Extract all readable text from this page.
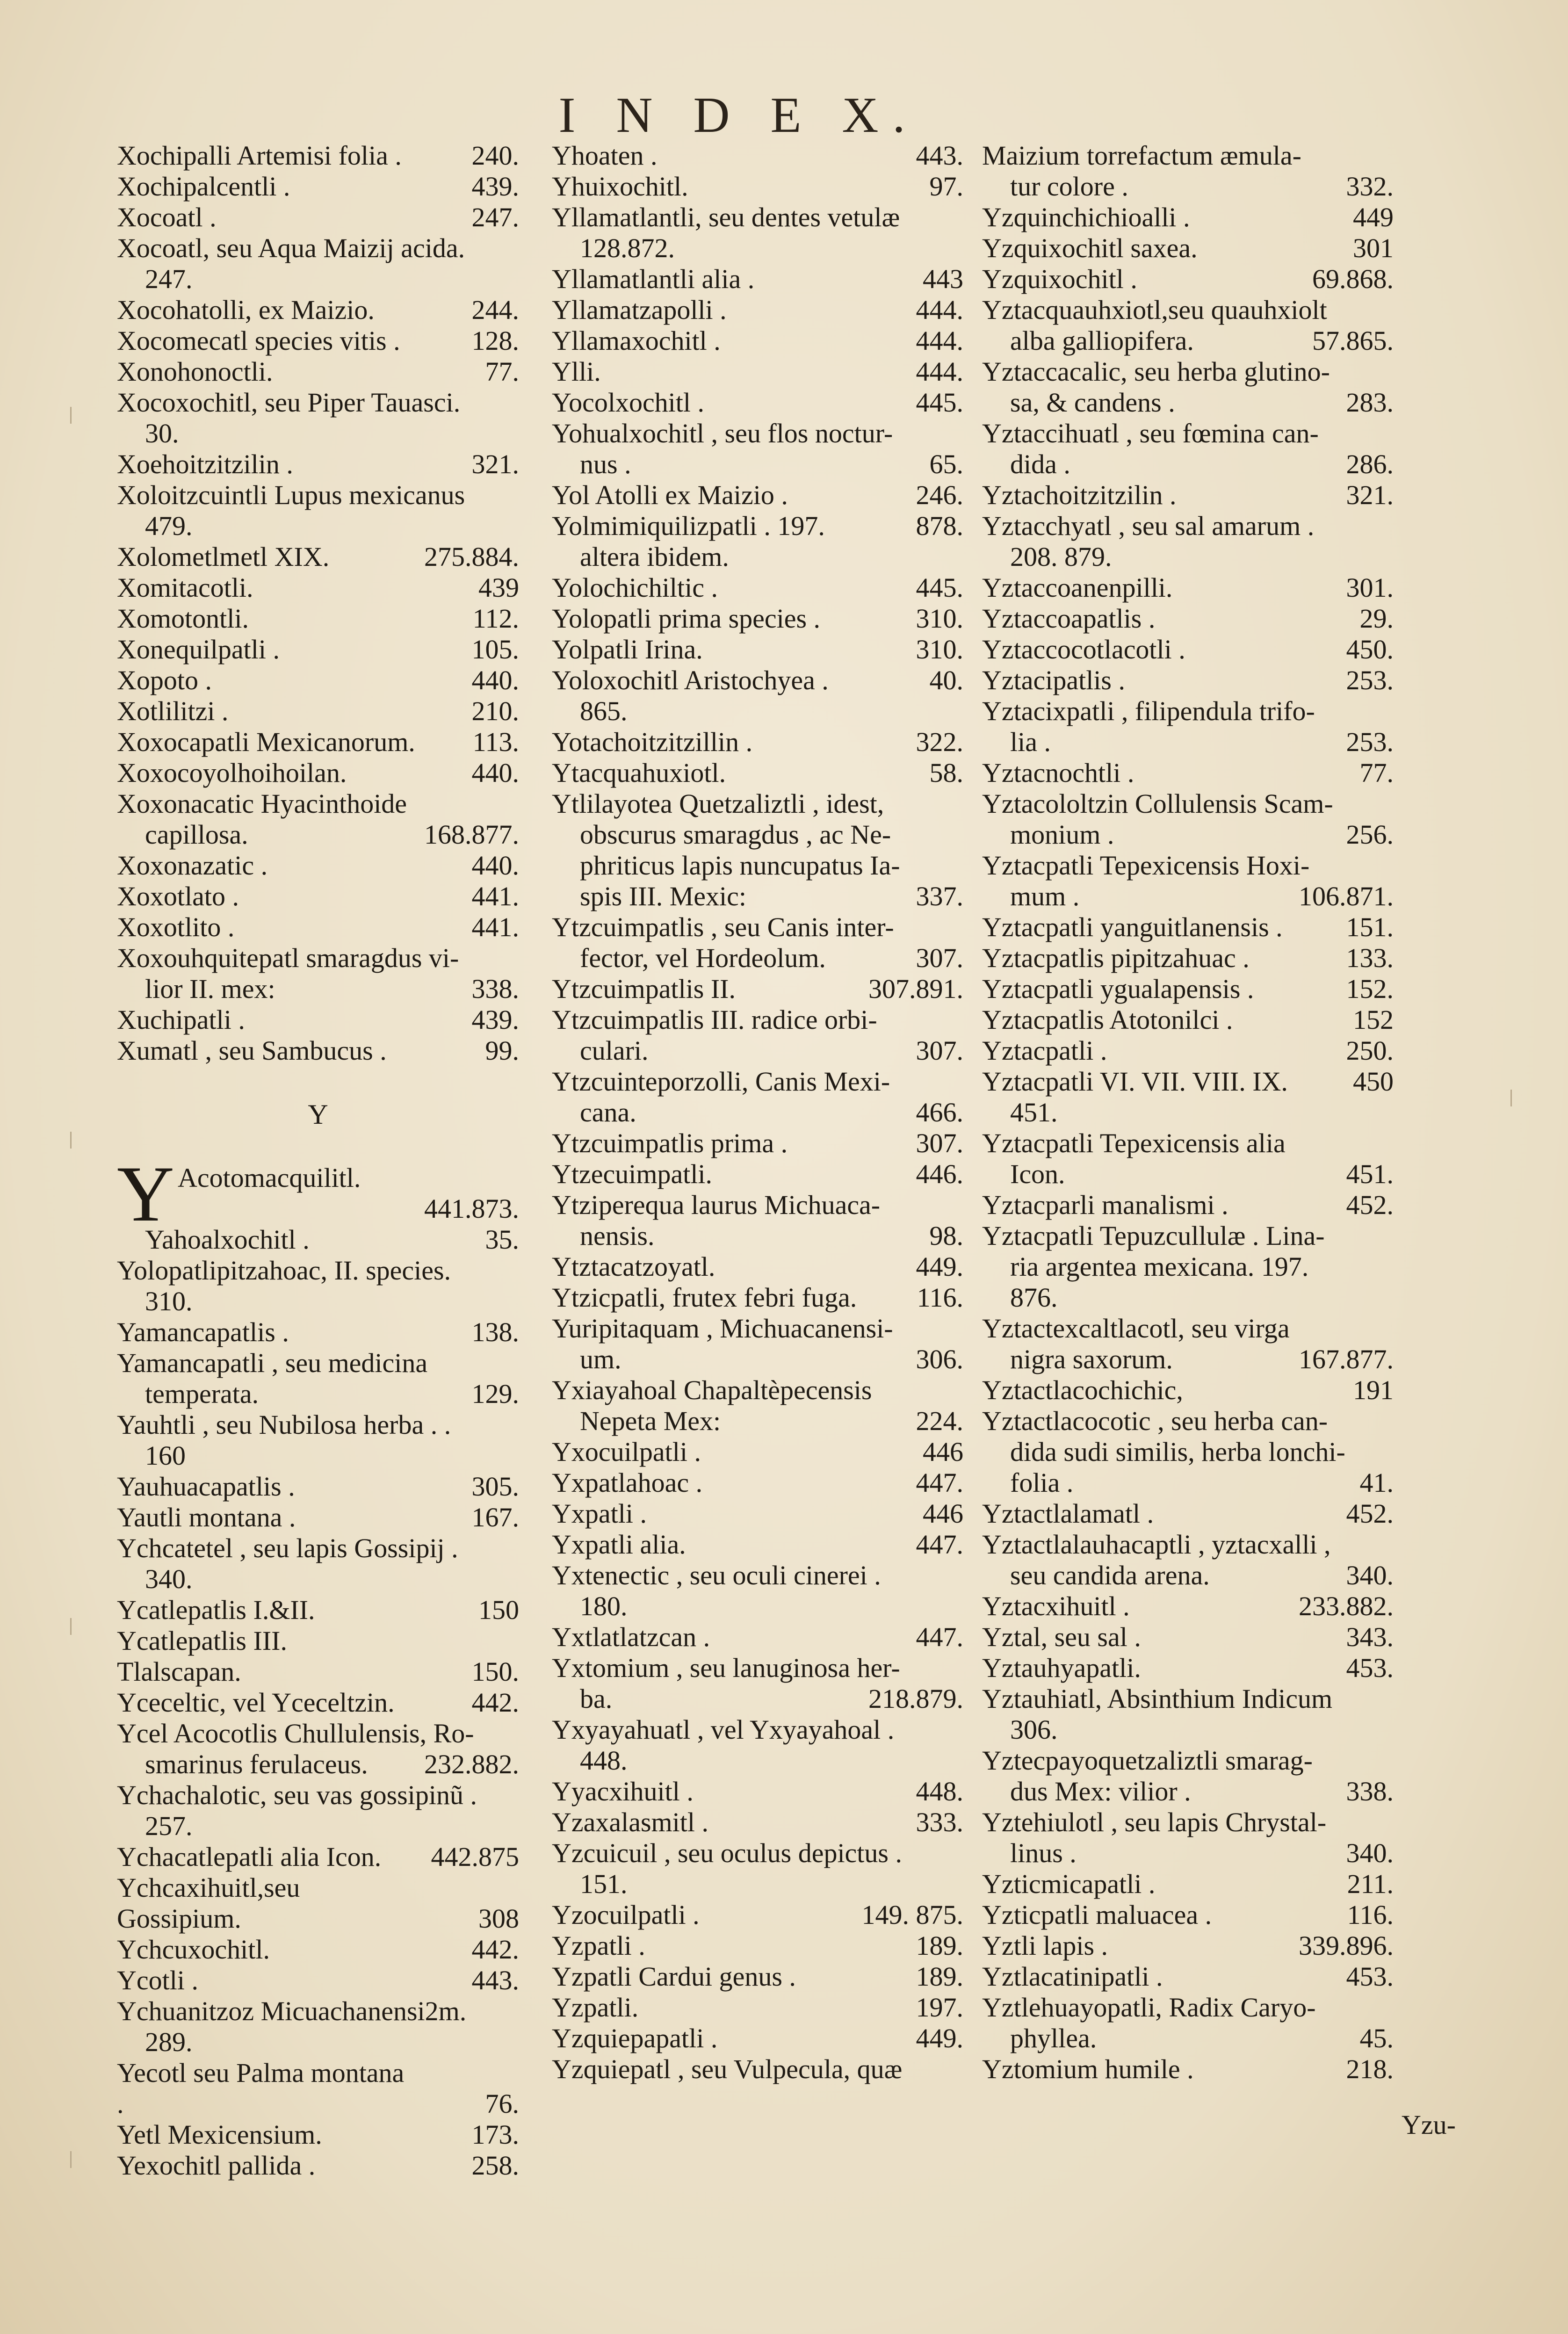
I N D E X.
Xochipalli Artemisi folia .	240.
Xochipalcentli .	439.
Xocoatl .	247.
Xocoatl, seu Aqua Maizij acida.
247.
Xocohatolli, ex Maizio.	244.
Xocomecatl species vitis .	128.
Xonohonoctli.	77.
Xocoxochitl, seu Piper Tauasci.
30.
Xoehoitzitzilin .	321.
Xoloitzcuintli Lupus mexicanus
479.
Xolometlmetl XIX.	275.884.
Xomitacotli.	439
Xomotontli.	112.
Xonequilpatli .	105.
Xopoto .	440.
Xotlilitzi .	210.
Xoxocapatli Mexicanorum.	113.
Xoxocoyolhoihoilan.	440.
Xoxonacatic Hyacinthoide
capillosa.	168.877.
Xoxonazatic .	440.
Xoxotlato .	441.
Xoxotlito .	441.
Xoxouhquitepatl smaragdus vi-
lior II. mex:	338.
Xuchipatli .	439.
Xumatl , seu Sambucus .	99.
Y
Y Acotomacquilitl.
441.873.
Yahoalxochitl .	35.
Yolopatlipitzahoac, II. species.
310.
Yamancapatlis .	138.
Yamancapatli , seu medicina
temperata.	129.
Yauhtli , seu Nubilosa herba . .
160
Yauhuacapatlis .	305.
Yautli montana .	167.
Ychcatetel , seu lapis Gossipij .
340.
Ycatlepatlis I.&II.	150
Ycatlepatlis III. Tlalscapan.	150.
Yceceltic, vel Yceceltzin.	442.
Ycel Acocotlis Chullulensis, Ro-
smarinus ferulaceus.	232.882.
Ychachalotic, seu vas gossipinũ .
257.
Ychacatlepatli alia Icon.	442.875
Ychcaxihuitl,seu Gossipium.	308
Ychcuxochitl.	442.
Ycotli .	443.
Ychuanitzoz Micuachanensi2m.
289.
Yecotl seu Palma montana .	76.
Yetl Mexicensium.	173.
Yexochitl pallida .	258.
Yhoaten .	443.
Yhuixochitl.	97.
Yllamatlantli, seu dentes vetulæ
128.872.
Yllamatlantli alia .	443
Yllamatzapolli .	444.
Yllamaxochitl .	444.
Ylli.	444.
Yocolxochitl .	445.
Yohualxochitl , seu flos noctur-
nus .	65.
Yol Atolli ex Maizio .	246.
Yolmimiquilizpatli . 197.	878.
altera ibidem.
Yolochichiltic .	445.
Yolopatli prima species .	310.
Yolpatli Irina.	310.
Yoloxochitl Aristochyea .	40.
865.
Yotachoitzitzillin .	322.
Ytacquahuxiotl.	58.
Ytlilayotea Quetzaliztli , idest,
obscurus smaragdus , ac Ne-
phriticus lapis nuncupatus Ia-
spis III. Mexic:	337.
Ytzcuimpatlis , seu Canis inter-
fector, vel Hordeolum.	307.
Ytzcuimpatlis II.	307.891.
Ytzcuimpatlis III. radice orbi-
culari.	307.
Ytzcuinteporzolli, Canis Mexi-
cana.	466.
Ytzcuimpatlis prima .	307.
Ytzecuimpatli.	446.
Ytziperequa laurus Michuaca-
nensis.	98.
Ytztacatzoyatl.	449.
Ytzicpatli, frutex febri fuga.	116.
Yuripitaquam , Michuacanensi-
um.	306.
Yxiayahoal Chapaltèpecensis
Nepeta Mex:	224.
Yxocuilpatli .	446
Yxpatlahoac .	447.
Yxpatli .	446
Yxpatli alia.	447.
Yxtenectic , seu oculi cinerei .
180.
Yxtlatlatzcan .	447.
Yxtomium , seu lanuginosa her-
ba.	218.879.
Yxyayahuatl , vel Yxyayahoal .
448.
Yyacxihuitl .	448.
Yzaxalasmitl .	333.
Yzcuicuil , seu oculus depictus .
151.
Yzocuilpatli .	149. 875.
Yzpatli .	189.
Yzpatli Cardui genus .	189.
Yzpatli.	197.
Yzquiepapatli .	449.
Yzquiepatl , seu Vulpecula, quæ
Maizium torrefactum æmula-
tur colore .	332.
Yzquinchichioalli .	449
Yzquixochitl saxea.	301
Yzquixochitl .	69.868.
Yztacquauhxiotl,seu quauhxiolt
alba galliopifera.	57.865.
Yztaccacalic, seu herba glutino-
sa, & candens .	283.
Yztaccihuatl , seu fœmina can-
dida .	286.
Yztachoitzitzilin .	321.
Yztacchyatl , seu sal amarum .
208. 879.
Yztaccoanenpilli.	301.
Yztaccoapatlis .	29.
Yztaccocotlacotli .	450.
Yztacipatlis .	253.
Yztacixpatli , filipendula trifo-
lia .	253.
Yztacnochtli .	77.
Yztacololtzin Collulensis Scam-
monium .	256.
Yztacpatli Tepexicensis Hoxi-
mum .	106.871.
Yztacpatli yanguitlanensis .	151.
Yztacpatlis pipitzahuac .	133.
Yztacpatli ygualapensis .	152.
Yztacpatlis Atotonilci .	152
Yztacpatli .	250.
Yztacpatli VI. VII. VIII. IX.	450
451.
Yztacpatli Tepexicensis alia
Icon.	451.
Yztacparli manalismi .	452.
Yztacpatli Tepuzcullulæ . Lina-
ria argentea mexicana. 197.
876.
Yztactexcaltlacotl, seu virga
nigra saxorum.	167.877.
Yztactlacochichic,	191
Yztactlacocotic , seu herba can-
dida sudi similis, herba lonchi-
folia .	41.
Yztactlalamatl .	452.
Yztactlalauhacaptli , yztacxalli ,
seu candida arena.	340.
Yztacxihuitl .	233.882.
Yztal, seu sal .	343.
Yztauhyapatli.	453.
Yztauhiatl, Absinthium Indicum
306.
Yztecpayoquetzaliztli smarag-
dus Mex: vilior .	338.
Yztehiulotl , seu lapis Chrystal-
linus .	340.
Yzticmicapatli .	211.
Yzticpatli maluacea .	116.
Yztli lapis .	339.896.
Yztlacatinipatli .	453.
Yztlehuayopatli, Radix Caryo-
phyllea.	45.
Yztomium humile .	218.
Yzu-
